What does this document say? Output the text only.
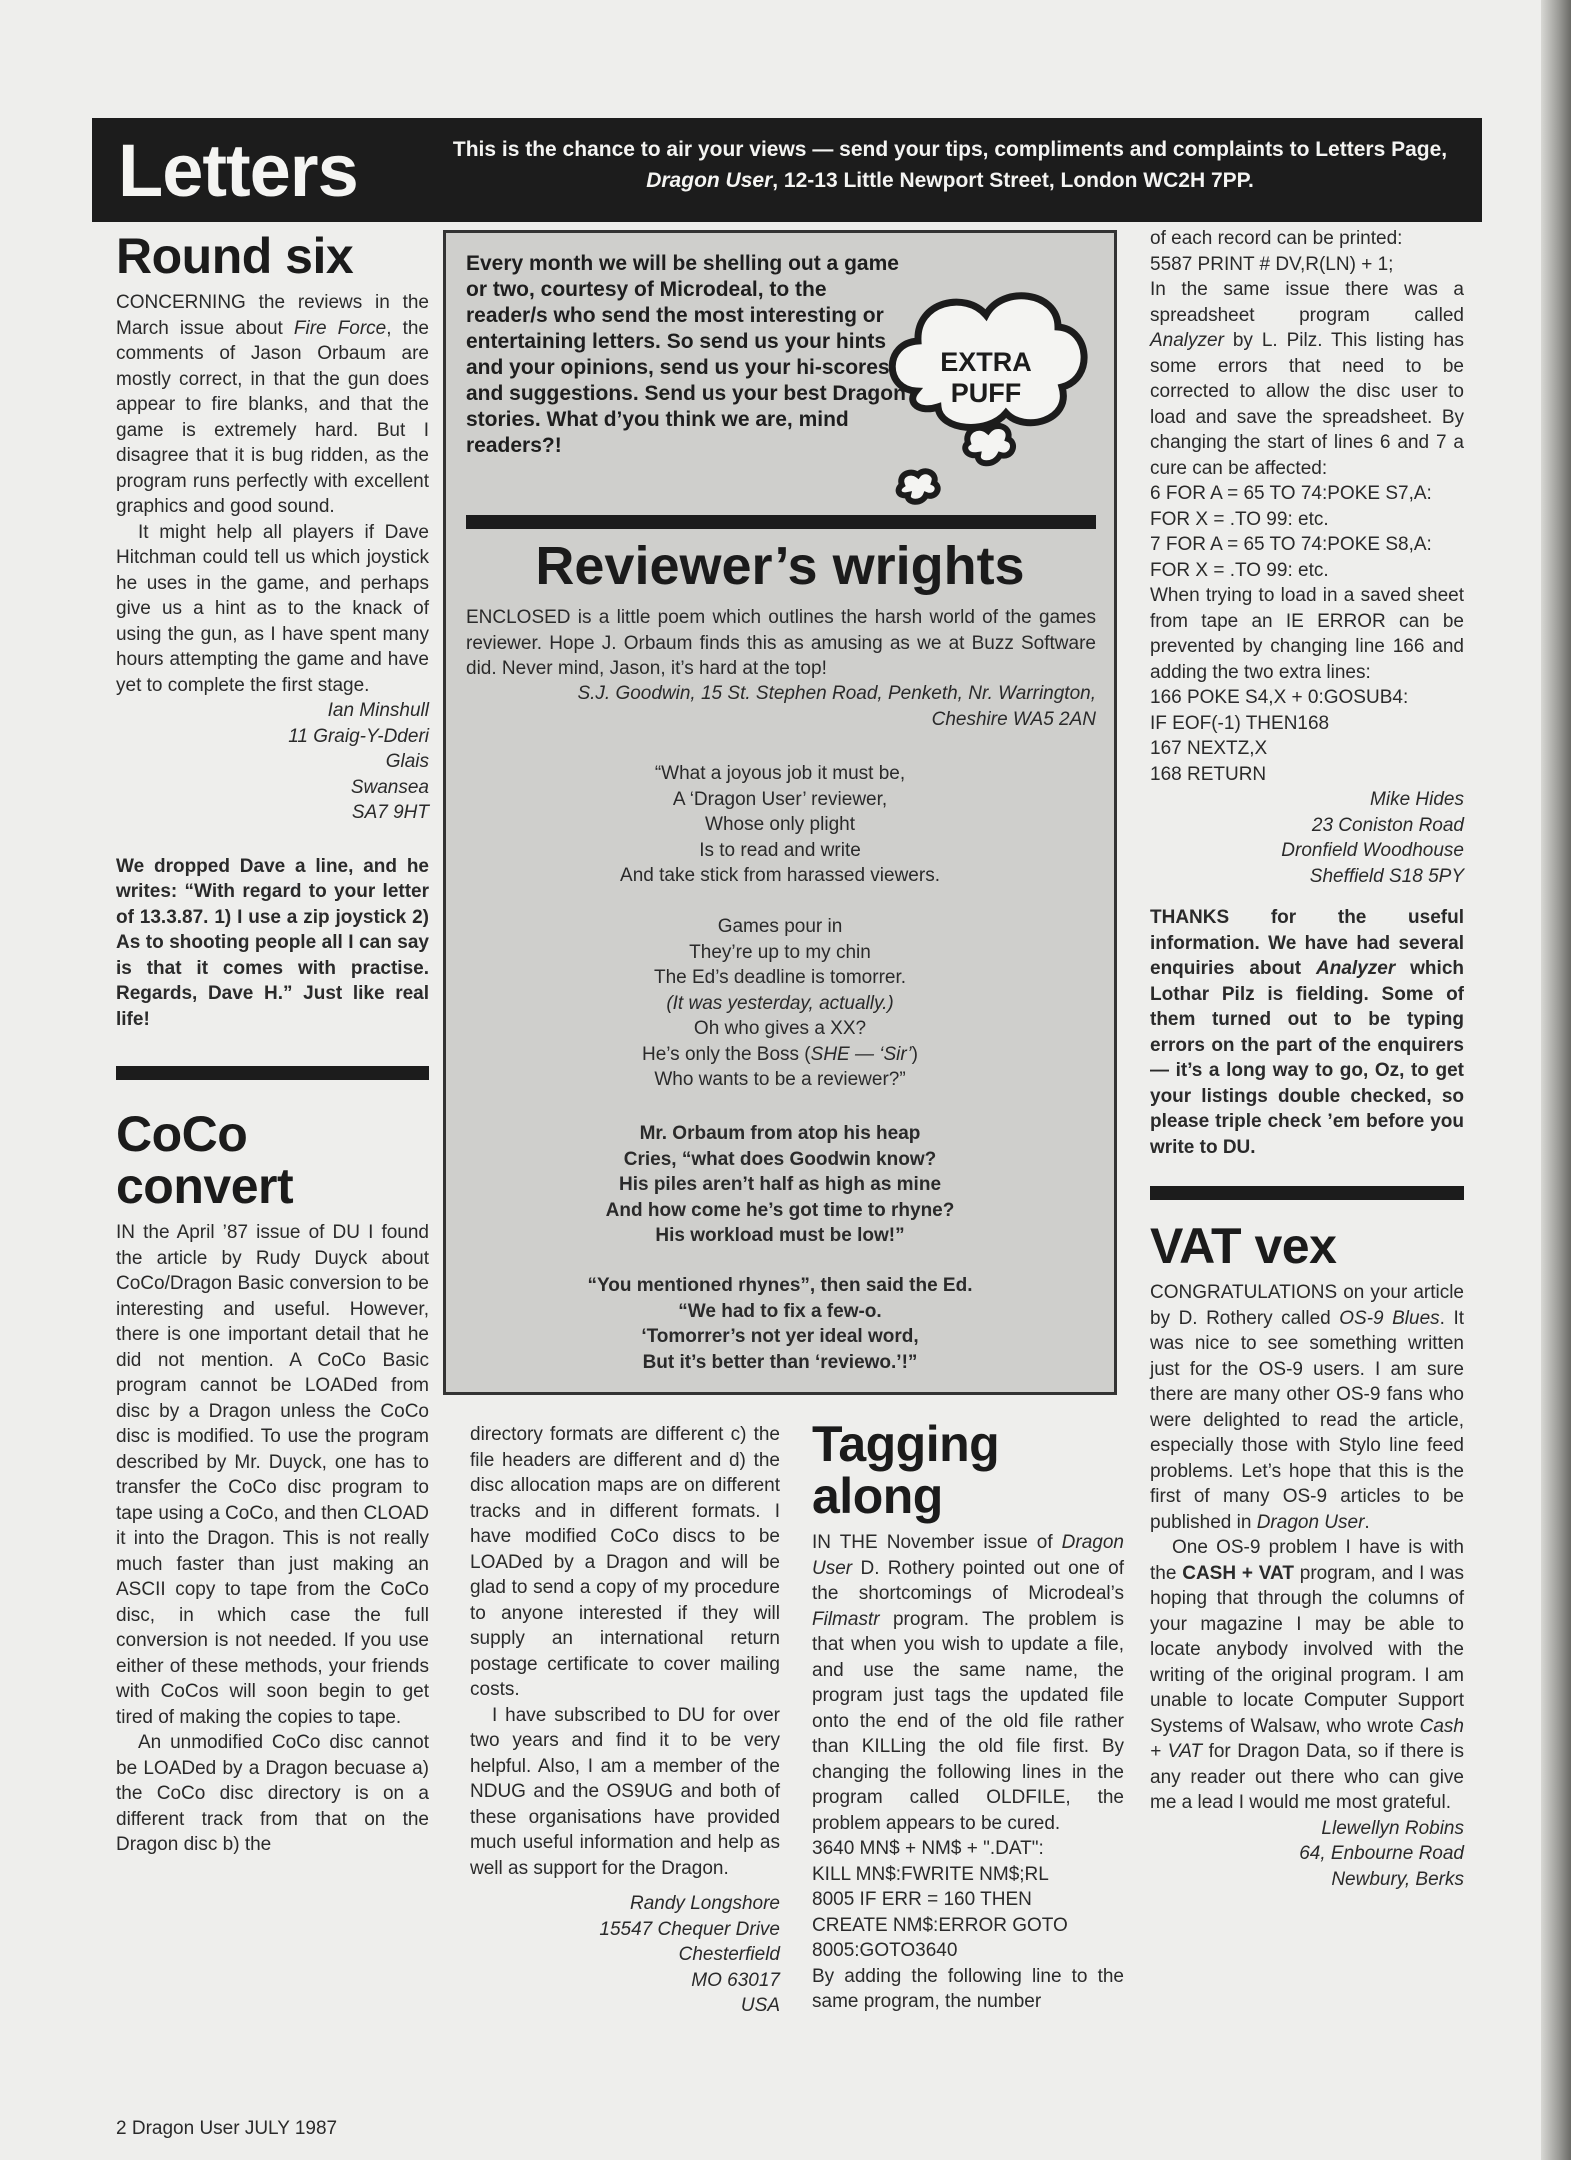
Letters	This is the chance to air your views — send your tips, compliments and complaints to Letters Page, Dragon User, 12-13 Little Newport Street, London WC2H 7PP.

Round six

CONCERNING the reviews in the March issue about Fire Force, the comments of Jason Orbaum are mostly correct, in that the gun does appear to fire blanks, and that the game is extremely hard. But I disagree that it is bug ridden, as the program runs perfectly with excellent graphics and good sound.

It might help all players if Dave Hitchman could tell us which joystick he uses in the game, and perhaps give us a hint as to the knack of using the gun, as I have spent many hours attempting the game and have yet to complete the first stage.

Ian Minshull
11 Graig-Y-Dderi
Glais
Swansea
SA7 9HT

We dropped Dave a line, and he writes: “With regard to your letter of 13.3.87. 1) I use a zip joystick 2) As to shooting people all I can say is that it comes with practise. Regards, Dave H.” Just like real life!

CoCo
convert

IN the April ’87 issue of DU I found the article by Rudy Duyck about CoCo/Dragon Basic conversion to be interesting and useful. However, there is one important detail that he did not mention. A CoCo Basic program cannot be LOADed from disc by a Dragon unless the CoCo disc is modified. To use the program described by Mr. Duyck, one has to transfer the CoCo disc program to tape using a CoCo, and then CLOAD it into the Dragon. This is not really much faster than just making an ASCII copy to tape from the CoCo disc, in which case the full conversion is not needed. If you use either of these methods, your friends with CoCos will soon begin to get tired of making the copies to tape.

An unmodified CoCo disc cannot be LOADed by a Dragon becuase a) the CoCo disc directory is on a different track from that on the Dragon disc b) the

Every month we will be shelling out a game or two, courtesy of Microdeal, to the reader/s who send the most interesting or entertaining letters. So send us your hints and your opinions, send us your hi-scores and suggestions. Send us your best Dragon stories. What d’you think we are, mind readers?!

EXTRA
PUFF
Reviewer’s wrights

ENCLOSED is a little poem which outlines the harsh world of the games reviewer. Hope J. Orbaum finds this as amusing as we at Buzz Software did. Never mind, Jason, it’s hard at the top!

S.J. Goodwin, 15 St. Stephen Road, Penketh, Nr. Warrington,
Cheshire WA5 2AN
“What a joyous job it must be,
A ‘Dragon User’ reviewer,
Whose only plight
Is to read and write
And take stick from harassed viewers.
Games pour in
They’re up to my chin
The Ed’s deadline is tomorrer.
(It was yesterday, actually.)
Oh who gives a XX?
He’s only the Boss (SHE — ‘Sir’)
Who wants to be a reviewer?”
Mr. Orbaum from atop his heap
Cries, “what does Goodwin know?
His piles aren’t half as high as mine
And how come he’s got time to rhyne?
His workload must be low!”
“You mentioned rhynes”, then said the Ed.
“We had to fix a few-o.
‘Tomorrer’s not yer ideal word,
But it’s better than ‘reviewo.’!”

directory formats are different c) the file headers are different and d) the disc allocation maps are on different tracks and in different formats. I have modified CoCo discs to be LOADed by a Dragon and will be glad to send a copy of my procedure to anyone interested if they will supply an international return postage certificate to cover mailing costs.

I have subscribed to DU for over two years and find it to be very helpful. Also, I am a member of the NDUG and the OS9UG and both of these organisations have provided much useful information and help as well as support for the Dragon.

Randy Longshore
15547 Chequer Drive
Chesterfield
MO 63017
USA
Tagging
along

IN THE November issue of Dragon User D. Rothery pointed out one of the shortcomings of Microdeal’s Filmastr program. The problem is that when you wish to update a file, and use the same name, the program just tags the updated file onto the end of the old file rather than KILLing the old file first. By changing the following lines in the program called OLDFILE, the problem appears to be cured.

3640 MN$ + NM$ + ".DAT":
KILL MN$:FWRITE NM$;RL
8005 IF ERR = 160 THEN
CREATE NM$:ERROR GOTO
8005:GOTO3640

By adding the following line to the same program, the number

of each record can be printed:

5587 PRINT # DV,R(LN) + 1;

In the same issue there was a spreadsheet program called Analyzer by L. Pilz. This listing has some errors that need to be corrected to allow the disc user to load and save the spreadsheet. By changing the start of lines 6 and 7 a cure can be affected:

6 FOR A = 65 TO 74:POKE S7,A:
FOR X = .TO 99: etc.
7 FOR A = 65 TO 74:POKE S8,A:
FOR X = .TO 99: etc.

When trying to load in a saved sheet from tape an IE ERROR can be prevented by changing line 166 and adding the two extra lines:

166 POKE S4,X + 0:GOSUB4:
IF EOF(-1) THEN168
167 NEXTZ,X
168 RETURN
Mike Hides
23 Coniston Road
Dronfield Woodhouse
Sheffield S18 5PY

THANKS for the useful information. We have had several enquiries about Analyzer which Lothar Pilz is fielding. Some of them turned out to be typing errors on the part of the enquirers — it’s a long way to go, Oz, to get your listings double checked, so please triple check ’em before you write to DU.

VAT vex

CONGRATULATIONS on your article by D. Rothery called OS-9 Blues. It was nice to see something written just for the OS-9 users. I am sure there are many other OS-9 fans who were delighted to read the article, especially those with Stylo line feed problems. Let’s hope that this is the first of many OS-9 articles to be published in Dragon User.

One OS-9 problem I have is with the CASH + VAT program, and I was hoping that through the columns of your magazine I may be able to locate anybody involved with the writing of the original program. I am unable to locate Computer Support Systems of Walsaw, who wrote Cash + VAT for Dragon Data, so if there is any reader out there who can give me a lead I would me most grateful.

Llewellyn Robins
64, Enbourne Road
Newbury, Berks

2 Dragon User JULY 1987
